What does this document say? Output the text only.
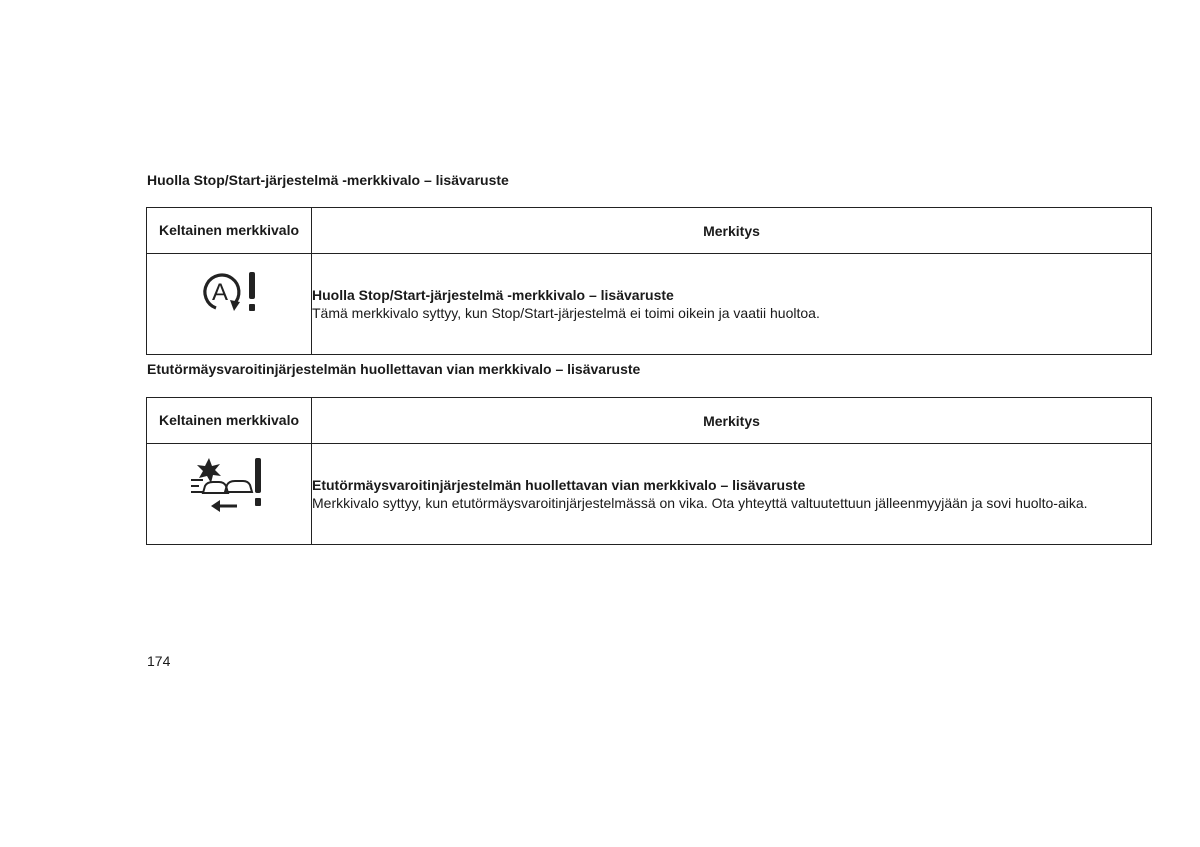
Huolla Stop/Start-järjestelmä -merkkivalo – lisävaruste
Keltainen merkkivalo	Merkitys

A	Huolla Stop/Start-järjestelmä -merkkivalo – lisävaruste
Tämä merkkivalo syttyy, kun Stop/Start-järjestelmä ei toimi oikein ja vaatii huoltoa.
Etutörmäysvaroitinjärjestelmän huollettavan vian merkkivalo – lisävaruste
Keltainen merkkivalo	Merkitys

Etutörmäysvaroitinjärjestelmän huollettavan vian merkkivalo – lisävaruste
Merkkivalo syttyy, kun etutörmäysvaroitinjärjestelmässä on vika. Ota yhteyttä valtuutettuun jälleenmyyjään ja sovi huolto-aika.
174
